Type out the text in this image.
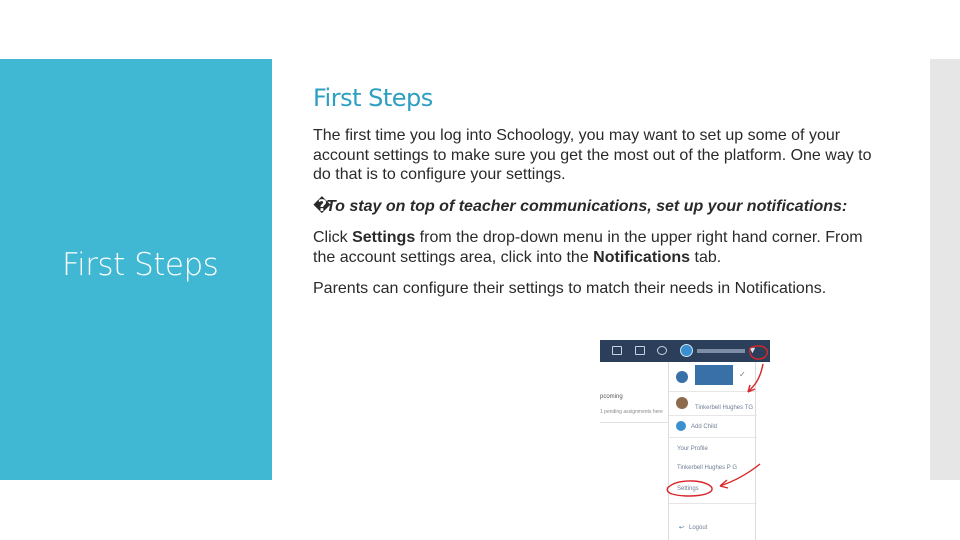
First Steps
First Steps

The first time you log into Schoology, you may want to set up some of your account settings to make sure you get the most out of the platform. One way to do that is to configure your settings.

�To stay on top of teacher communications, set up your notifications:

Click Settings from the drop-down menu in the upper right hand corner. From the account settings area, click into the Notifications tab.

Parents can configure their settings to match their needs in Notifications.

▼
pcoming
1 pending assignments here
✓
Tinkerbell Hughes TG
Add Child
Your Profile
Tinkerbell Hughes P G
Settings
↩ Logout
